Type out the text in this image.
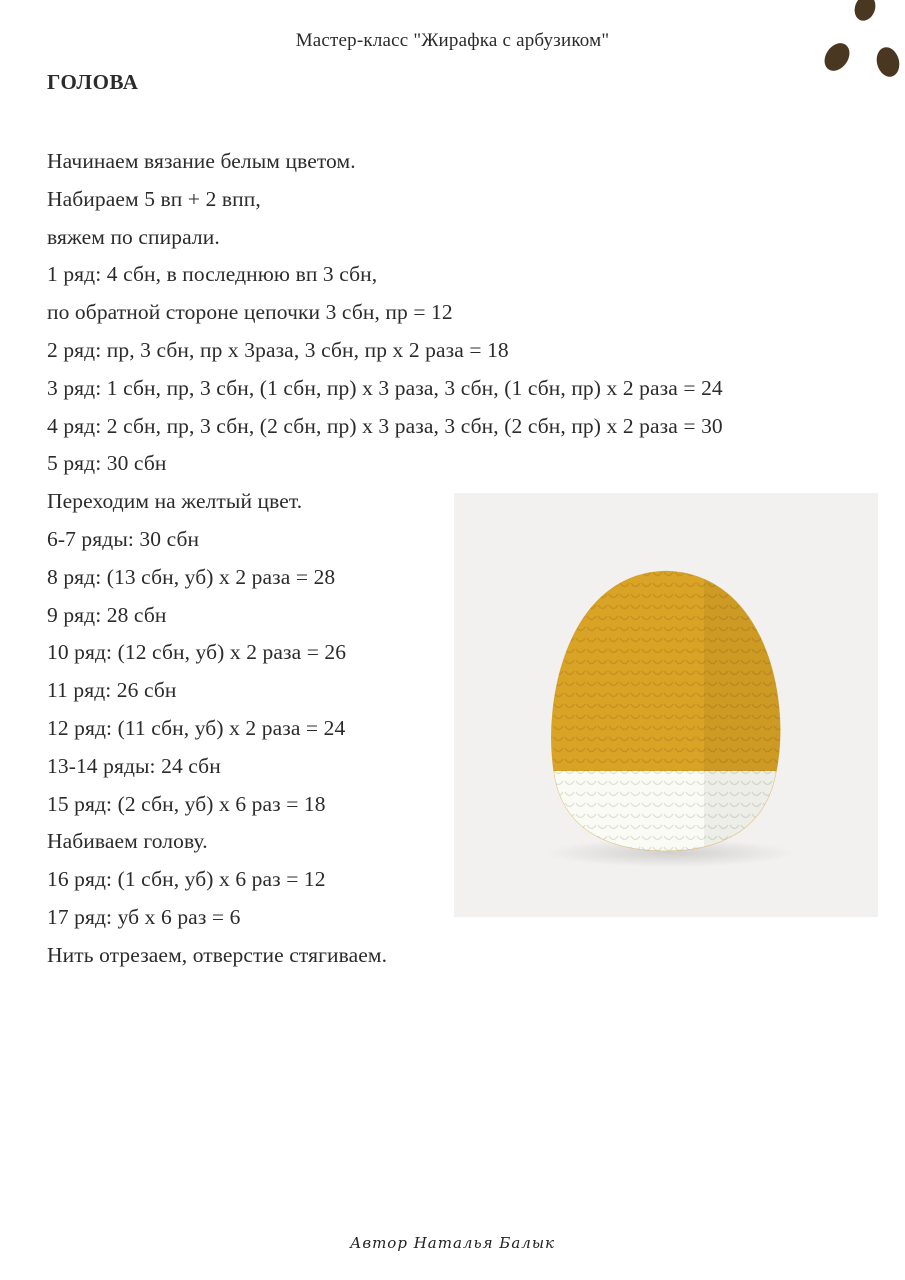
Мастер-класс "Жирафка с арбузиком"
ГОЛОВА
Начинаем вязание белым цветом.
Набираем 5 вп + 2 впп,
вяжем по спирали.
1 ряд: 4 сбн, в последнюю вп 3 сбн,
по обратной стороне цепочки 3 сбн, пр = 12
2 ряд: пр, 3 сбн, пр х 3раза, 3 сбн, пр х 2 раза = 18
3 ряд: 1 сбн, пр, 3 сбн, (1 сбн, пр) х 3 раза, 3 сбн, (1 сбн, пр) х 2 раза = 24
4 ряд: 2 сбн, пр, 3 сбн, (2 сбн, пр) х 3 раза, 3 сбн, (2 сбн, пр) х 2 раза = 30
5 ряд: 30 сбн
Переходим на желтый цвет.
6-7 ряды: 30 сбн
8 ряд: (13 сбн, уб) х 2 раза = 28
9 ряд: 28 сбн
10 ряд: (12 сбн, уб) х 2 раза = 26
11 ряд: 26 сбн
12 ряд: (11 сбн, уб) х 2 раза = 24
13-14 ряды: 24 сбн
15 ряд: (2 сбн, уб) х 6 раз = 18
Набиваем голову.
16 ряд: (1 сбн, уб) х 6 раз = 12
17 ряд: уб х 6 раз = 6
Нить отрезаем, отверстие стягиваем.
Автор Наталья Балык
